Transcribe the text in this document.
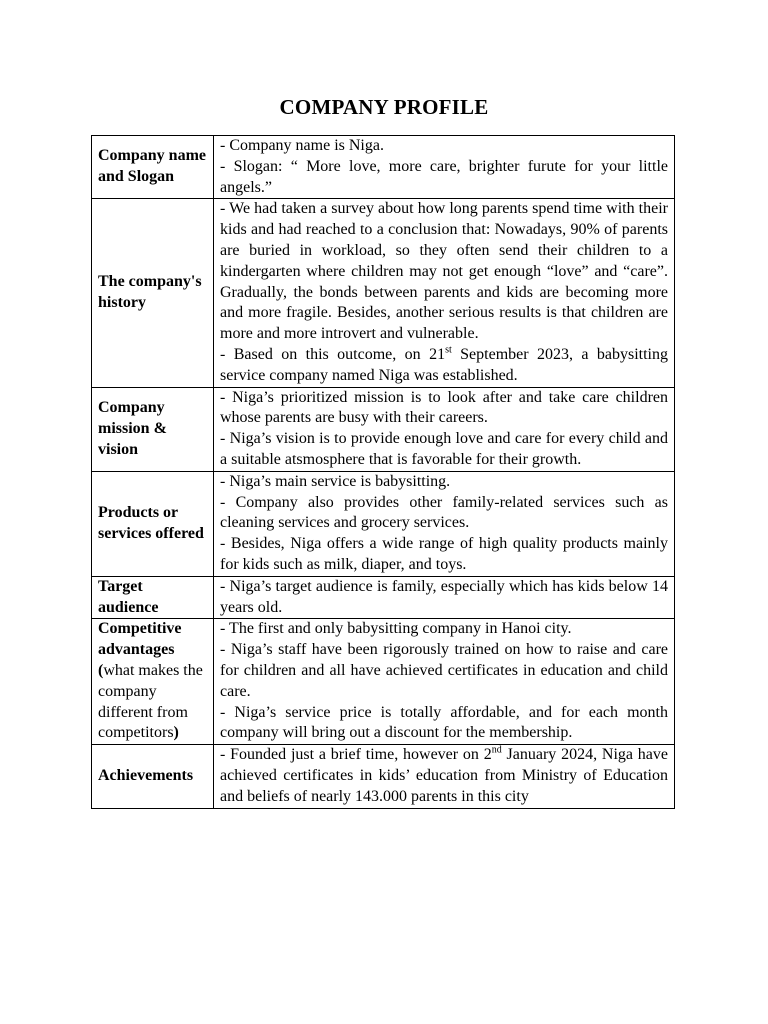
COMPANY PROFILE
Company name and Slogan	- Company name is Niga.

- Slogan: “ More love, more care, brighter furute for your little angels.”

The company's history	- We had taken a survey about how long parents spend time with their kids and had reached to a conclusion that: Nowadays, 90% of parents are buried in workload, so they often send their children to a kindergarten where children may not get enough “love” and “care”. Gradually, the bonds between parents and kids are becoming more and more fragile. Besides, another serious results is that children are more and more introvert and vulnerable.

- Based on this outcome, on 21st September 2023, a babysitting service company named Niga was established.

Company mission & vision	- Niga’s prioritized mission is to look after and take care children whose parents are busy with their careers.

- Niga’s vision is to provide enough love and care for every child and a suitable atsmosphere that is favorable for their growth.

Products or services offered	- Niga’s main service is babysitting.

- Company also provides other family-related services such as cleaning services and grocery services.

- Besides, Niga offers a wide range of high quality products mainly for kids such as milk, diaper, and toys.

Target audience	- Niga’s target audience is family, especially which has kids below 14 years old.

Competitive advantages (what makes the company different from competitors)	- The first and only babysitting company in Hanoi city.

- Niga’s staff have been rigorously trained on how to raise and care for children and all have achieved certificates in education and child care.

- Niga’s service price is totally affordable, and for each month company will bring out a discount for the membership.

Achievements	- Founded just a brief time, however on 2nd January 2024, Niga have achieved certificates in kids’ education from Ministry of Education and beliefs of nearly 143.000 parents in this city
